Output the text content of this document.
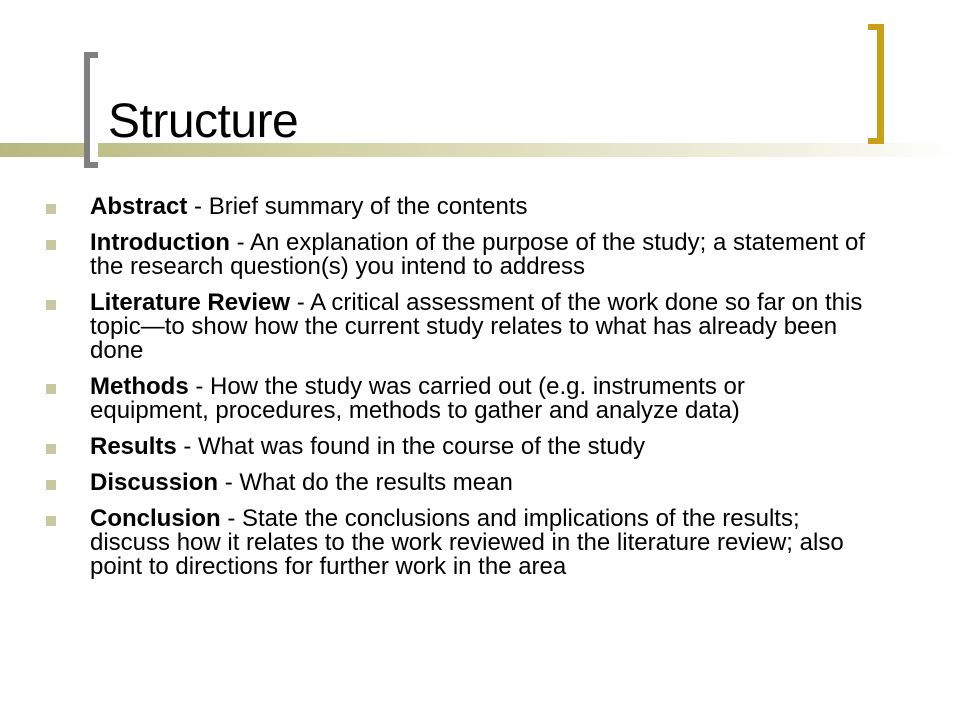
Structure
Abstract - Brief summary of the contents
Introduction - An explanation of the purpose of the study; a statement of the research question(s) you intend to address
Literature Review - A critical assessment of the work done so far on this topic—to show how the current study relates to what has already been done
Methods - How the study was carried out (e.g. instruments or equipment, procedures, methods to gather and analyze data)
Results - What was found in the course of the study
Discussion - What do the results mean
Conclusion - State the conclusions and implications of the results; discuss how it relates to the work reviewed in the literature review; also point to directions for further work in the area
